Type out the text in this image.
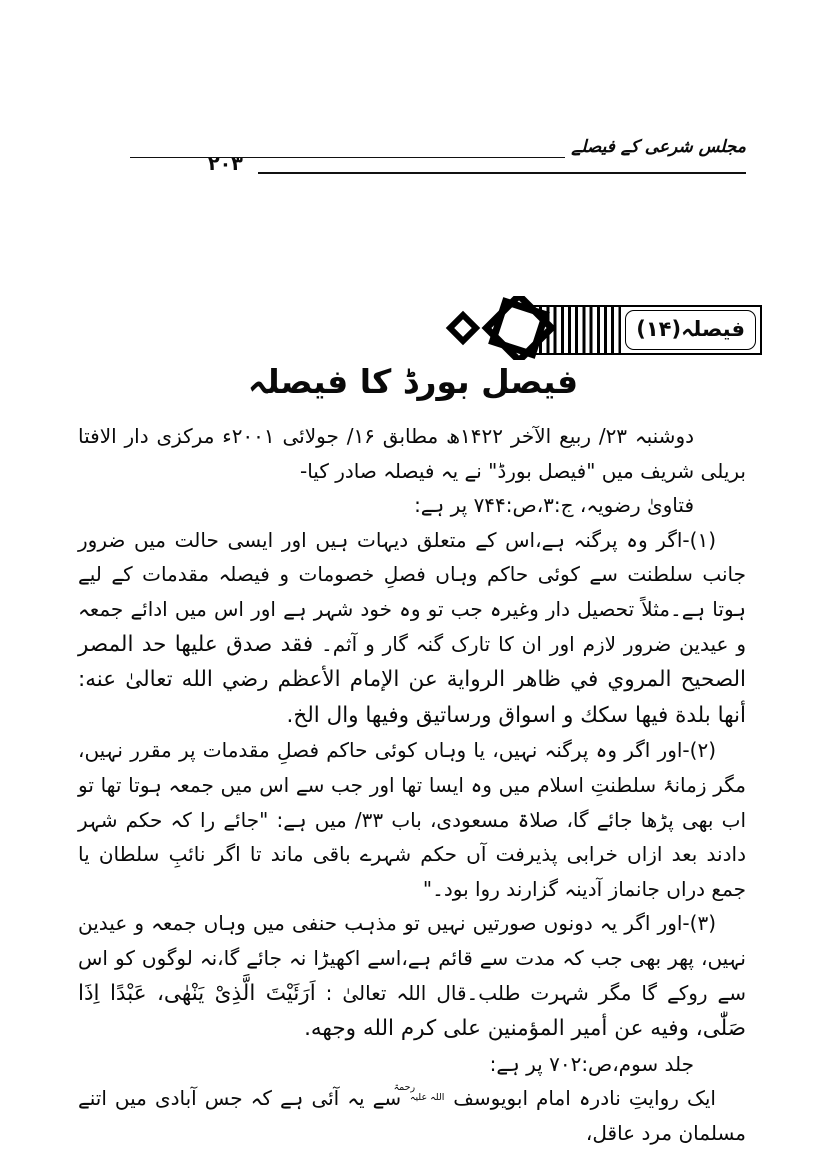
مجلس شرعی کے فیصلے
۲۰۳
فیصلہ(۱۴)
فیصل بورڈ کا فیصلہ

دوشنبہ ۲۳/ ربیع الآخر ۱۴۲۲ھ مطابق ۱۶/ جولائی ۲۰۰۱ء مرکزی دار الافتا بریلی شریف میں "فیصل بورڈ" نے یہ فیصلہ صادر کیا-

فتاویٰ رضویہ، ج:۳،ص:۷۴۴ پر ہے:

(۱)-اگر وہ پرگنہ ہے،اس کے متعلق دیہات ہیں اور ایسی حالت میں ضرور جانب سلطنت سے کوئی حاکم وہاں فصلِ خصومات و فیصلہ مقدمات کے لیے ہوتا ہے۔مثلاً تحصیل دار وغیرہ جب تو وہ خود شہر ہے اور اس میں ادائے جمعہ و عیدین ضرور لازم اور ان کا تارک گنہ گار و آثم۔ فقد صدق علیها حد المصر الصحیح المروي في ظاهر الروایة عن الإمام الأعظم رضي الله تعالیٰ عنه: أنها بلدة فیها سكك و اسواق ورساتیق وفیها وال الخ.

(۲)-اور اگر وہ پرگنہ نہیں، یا وہاں کوئی حاکم فصلِ مقدمات پر مقرر نہیں، مگر زمانۂ سلطنتِ اسلام میں وہ ایسا تھا اور جب سے اس میں جمعہ ہوتا تھا تو اب بھی پڑھا جائے گا، صلاۃ مسعودی، باب ۳۳/ میں ہے: "جائے را کہ حکم شہر دادند بعد ازاں خرابی پذیرفت آں حکم شہرے باقی ماند تا اگر نائبِ سلطان یا جمع دراں جانماز آدینہ گزارند روا بود۔"

(۳)-اور اگر یہ دونوں صورتیں نہیں تو مذہب حنفی میں وہاں جمعہ و عیدین نہیں، پھر بھی جب کہ مدت سے قائم ہے،اسے اکھیڑا نہ جائے گا،نہ لوگوں کو اس سے روکے گا مگر شہرت طلب۔قال اللہ تعالیٰ : اَرَئَیْتَ الَّذِیْ یَنْهٰی، عَبْدًا اِذَا صَلّٰی، وفیه عن أمیر المؤمنین علی کرم الله وجهه.

جلد سوم،ص:۷۰۲ پر ہے:

ایک روایتِ نادرہ امام ابویوسف رحمۃ اللہ علیہ سے یہ آئی ہے کہ جس آبادی میں اتنے مسلمان مرد عاقل،
